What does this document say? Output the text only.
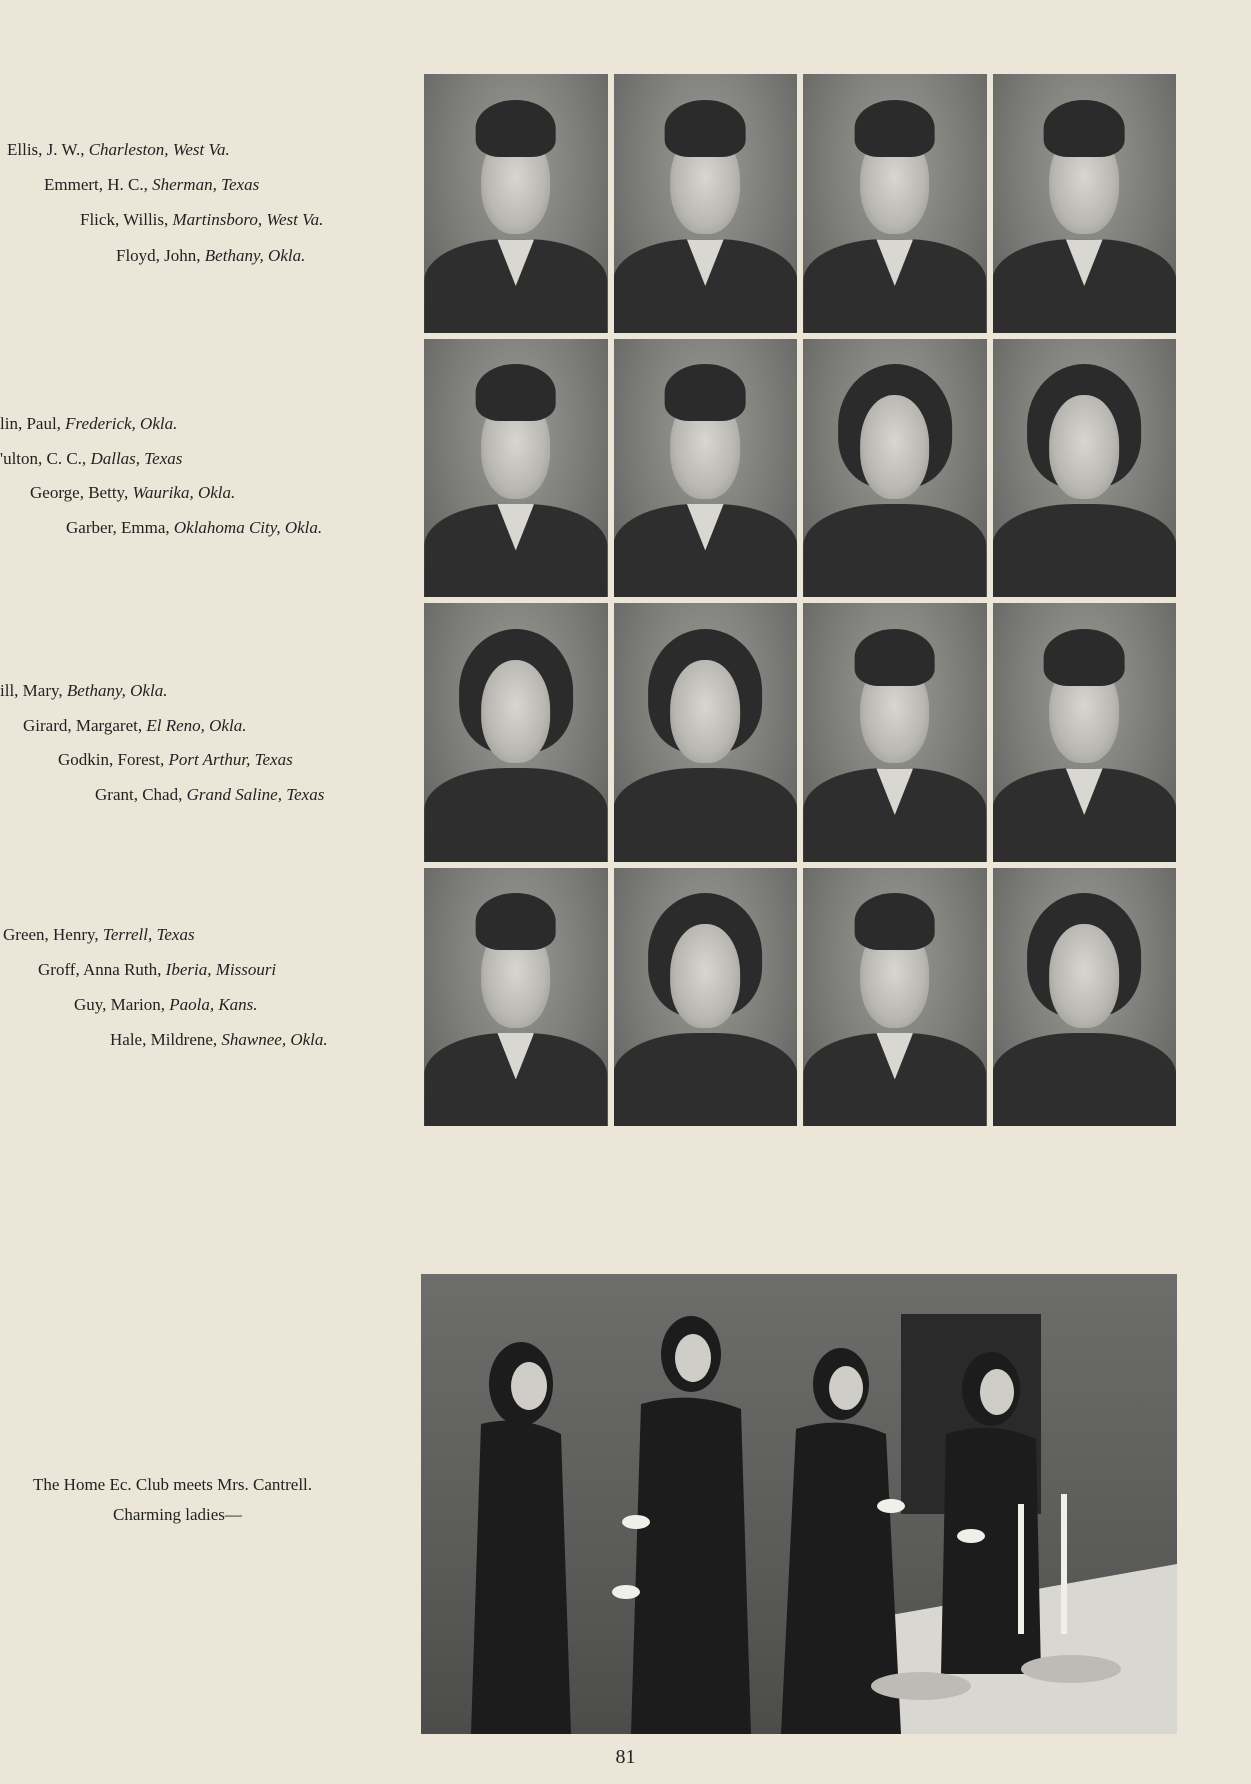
Ellis, J. W., Charleston, West Va.
Emmert, H. C., Sherman, Texas
Flick, Willis, Martinsboro, West Va.
Floyd, John, Bethany, Okla.
lin, Paul, Frederick, Okla.
'ulton, C. C., Dallas, Texas
George, Betty, Waurika, Okla.
Garber, Emma, Oklahoma City, Okla.
ill, Mary, Bethany, Okla.
Girard, Margaret, El Reno, Okla.
Godkin, Forest, Port Arthur, Texas
Grant, Chad, Grand Saline, Texas
Green, Henry, Terrell, Texas
Groff, Anna Ruth, Iberia, Missouri
Guy, Marion, Paola, Kans.
Hale, Mildrene, Shawnee, Okla.
The Home Ec. Club meets Mrs. Cantrell.
Charming ladies—
81
